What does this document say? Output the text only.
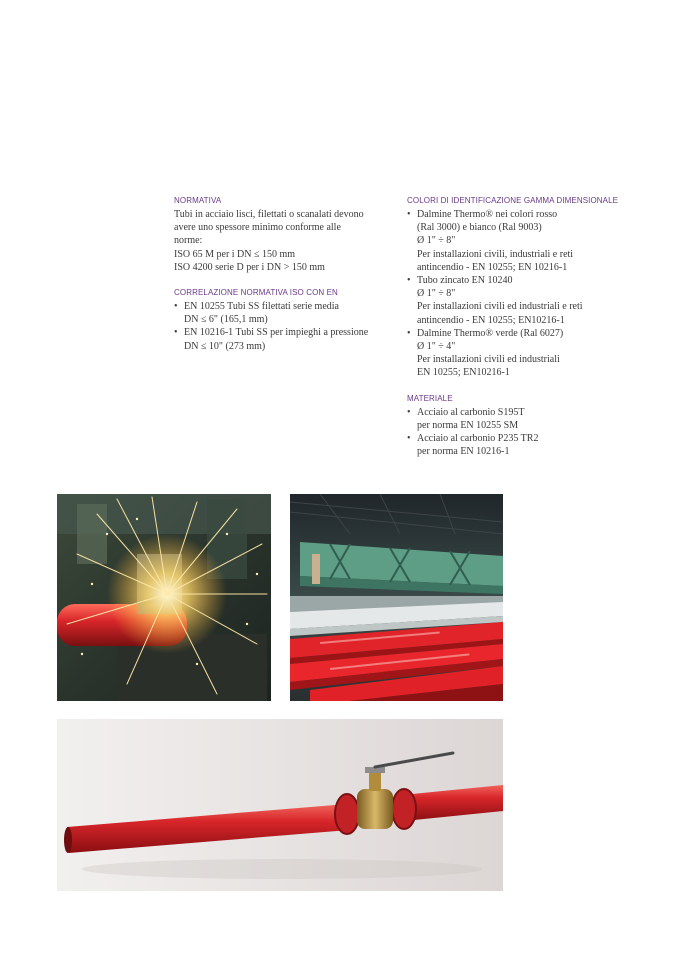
NORMATIVA
Tubi in acciaio lisci, filettati o scanalati devono
avere uno spessore minimo conforme alle
norme:
ISO 65 M per i DN ≤ 150 mm
ISO 4200 serie D per i DN > 150 mm
CORRELAZIONE NORMATIVA ISO CON EN
• EN 10255 Tubi SS filettati serie media
DN ≤ 6" (165,1 mm)
• EN 10216-1 Tubi SS per impieghi a pressione
DN ≤ 10" (273 mm)
COLORI DI IDENTIFICAZIONE GAMMA DIMENSIONALE
• Dalmine Thermo® nei colori rosso
(Ral 3000) e bianco (Ral 9003)
Ø 1" ÷ 8"
Per installazioni civili, industriali e reti
antincendio - EN 10255; EN 10216-1
• Tubo zincato EN 10240
Ø 1" ÷ 8"
Per installazioni civili ed industriali e reti
antincendio - EN 10255; EN10216-1
• Dalmine Thermo® verde (Ral 6027)
Ø 1" ÷ 4"
Per installazioni civili ed industriali
EN 10255; EN10216-1
MATERIALE
• Acciaio al carbonio S195T
per norma EN 10255 SM
• Acciaio al carbonio P235 TR2
per norma EN 10216-1
